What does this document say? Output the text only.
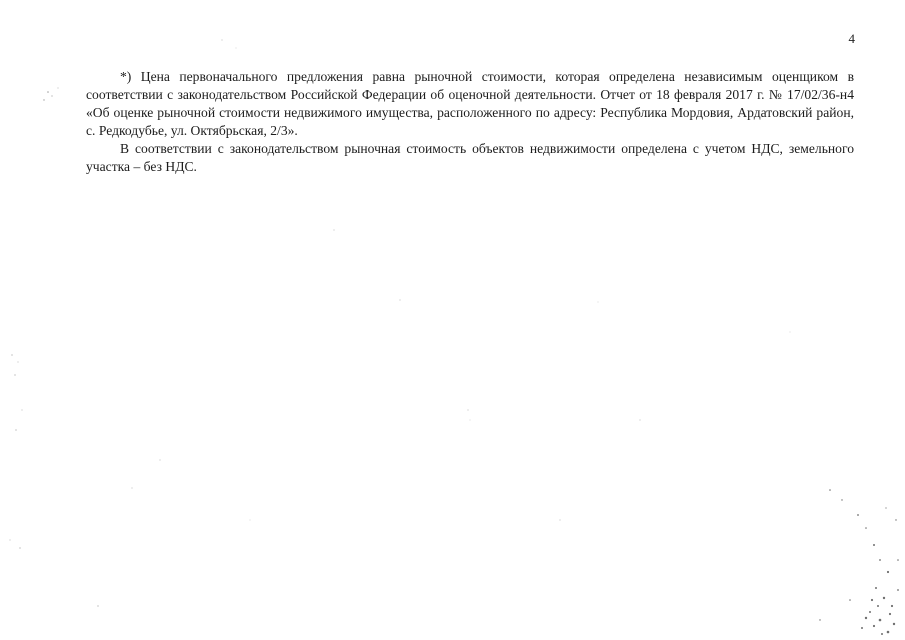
4

*) Цена первоначального предложения равна рыночной стоимости, которая определена независимым оценщиком в соответствии с законодательством Российской Федерации об оценочной деятельности. Отчет от 18 февраля 2017 г. № 17/02/36-н4 «Об оценке рыночной стоимости недвижимого имущества, расположенного по адресу: Республика Мордовия, Ардатовский район, с. Редкодубье, ул. Октябрьская, 2/3».

В соответствии с законодательством рыночная стоимость объектов недвижимости определена с учетом НДС, земельного участка – без НДС.
